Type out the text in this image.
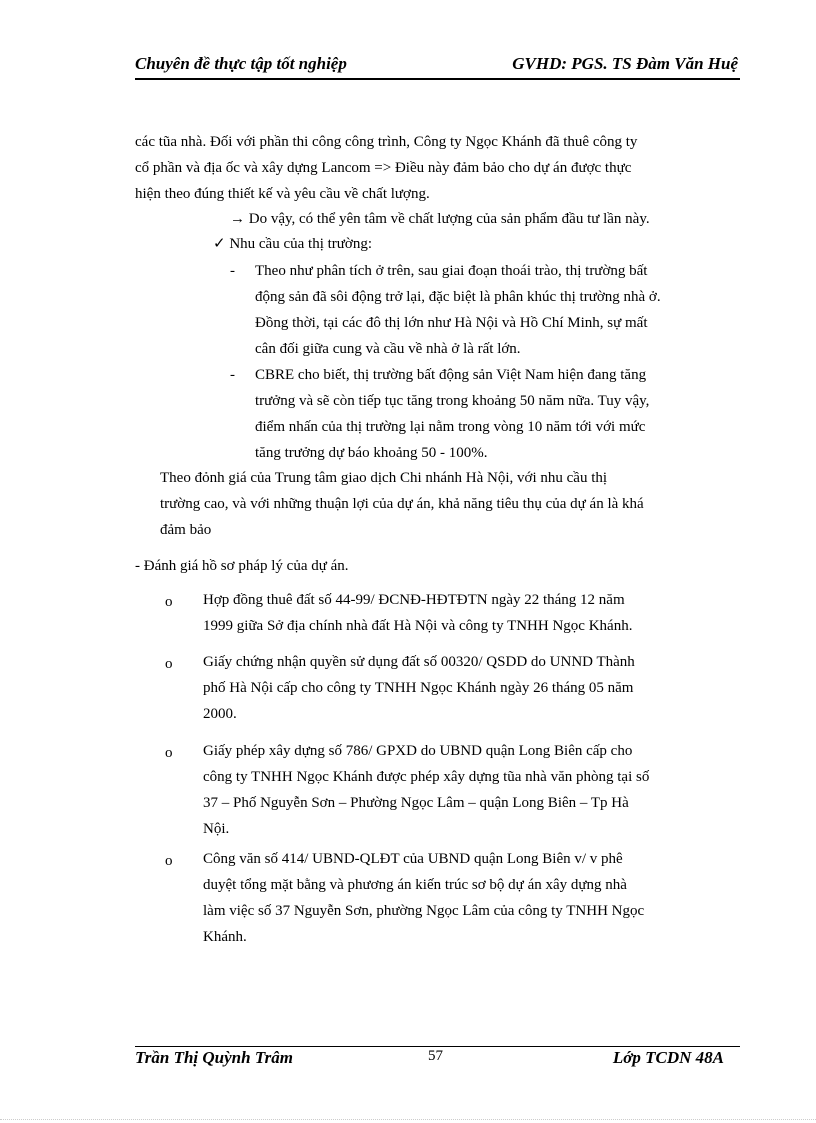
Chuyên đề thực tập tốt nghiệp	GVHD: PGS. TS Đàm Văn Huệ
các tũa nhà. Đối với phần thi công công trình, Công ty Ngọc Khánh đã thuê công ty
cổ phần và địa ốc và xây dựng Lancom => Điều này đảm bảo cho dự án được thực
hiện theo đúng thiết kế và yêu cầu về chất lượng.
→ Do vậy, có thể yên tâm về chất lượng của sản phẩm đầu tư lần này.
✓ Nhu cầu của thị trường:
- Theo như phân tích ở trên, sau giai đoạn thoái trào, thị trường bất
động sản đã sôi động trở lại, đặc biệt là phân khúc thị trường nhà ở.
Đồng thời, tại các đô thị lớn như Hà Nội và Hồ Chí Minh, sự mất
cân đối giữa cung và cầu về nhà ở là rất lớn.
- CBRE cho biết, thị trường bất động sản Việt Nam hiện đang tăng
trưởng và sẽ còn tiếp tục tăng trong khoảng 50 năm nữa. Tuy vậy,
điểm nhấn của thị trường lại nằm trong vòng 10 năm tới với mức
tăng trưởng dự báo khoảng 50 - 100%.
Theo đỏnh giá của Trung tâm giao dịch Chi nhánh Hà Nội, với nhu cầu thị
trường cao, và với những thuận lợi của dự án, khả năng tiêu thụ của dự án là khá
đảm bảo
- Đánh giá hồ sơ pháp lý của dự án.
o Hợp đồng thuê đất số 44-99/ ĐCNĐ-HĐTĐTN ngày 22 tháng 12 năm
1999 giữa Sở địa chính nhà đất Hà Nội và công ty TNHH Ngọc Khánh.
o Giấy chứng nhận quyền sử dụng đất số 00320/ QSDD do UNND Thành
phố Hà Nội cấp cho công ty TNHH Ngọc Khánh ngày 26 tháng 05 năm
2000.
o Giấy phép xây dựng số 786/ GPXD do UBND quận Long Biên cấp cho
công ty TNHH Ngọc Khánh được phép xây dựng tũa nhà văn phòng tại số
37 – Phố Nguyễn Sơn – Phường Ngọc Lâm – quận Long Biên – Tp Hà
Nội.
o Công văn số 414/ UBND-QLĐT của UBND quận Long Biên v/ v phê
duyệt tổng mặt bằng và phương án kiến trúc sơ bộ dự án xây dựng nhà
làm việc số 37 Nguyễn Sơn, phường Ngọc Lâm của công ty TNHH Ngọc
Khánh.
Trần Thị Quỳnh Trâm	57	Lớp TCDN 48A
